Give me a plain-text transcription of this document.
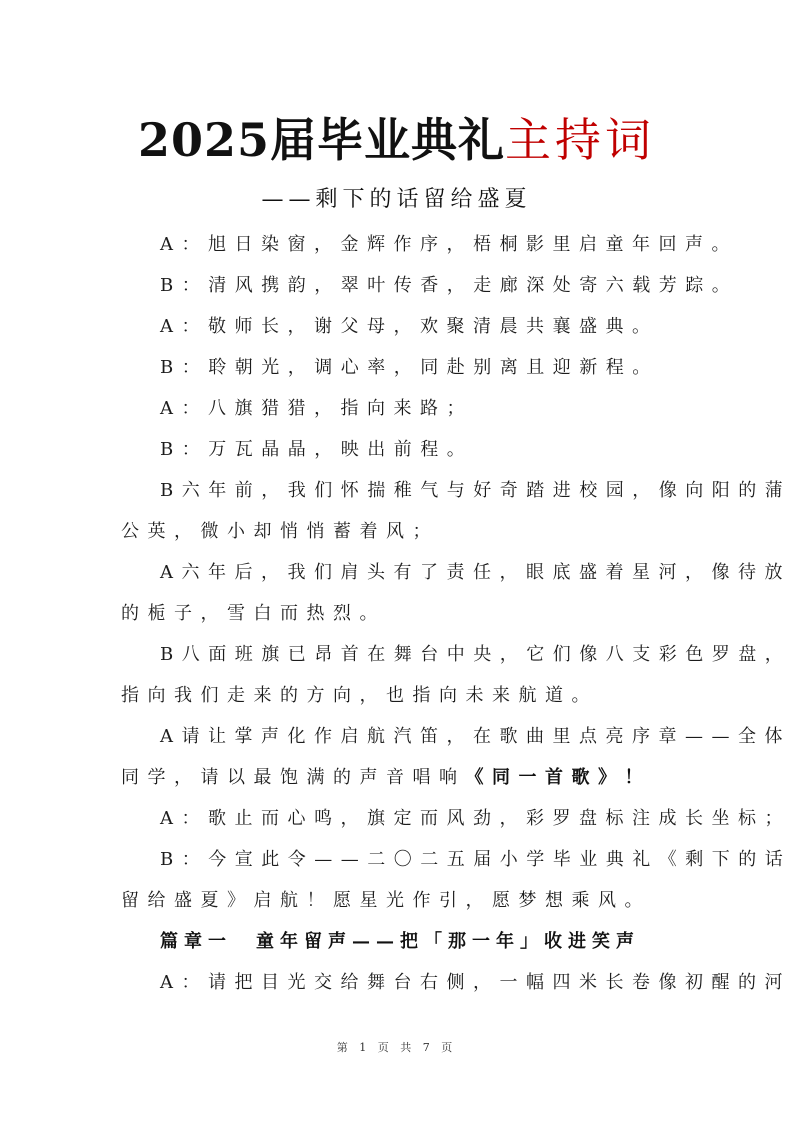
2025届毕业典礼主持词
——剩下的话留给盛夏
A：旭日染窗，金辉作序，梧桐影里启童年回声。
B：清风携韵，翠叶传香，走廊深处寄六载芳踪。
A：敬师长，谢父母，欢聚清晨共襄盛典。
B：聆朝光，调心率，同赴别离且迎新程。
A：八旗猎猎，指向来路；
B：万瓦晶晶，映出前程。
B六年前，我们怀揣稚气与好奇踏进校园，像向阳的蒲
公英，微小却悄悄蓄着风；
A六年后，我们肩头有了责任，眼底盛着星河，像待放
的栀子，雪白而热烈。
B八面班旗已昂首在舞台中央，它们像八支彩色罗盘，
指向我们走来的方向，也指向未来航道。
A请让掌声化作启航汽笛，在歌曲里点亮序章——全体
同学，请以最饱满的声音唱响《同一首歌》！
A：歌止而心鸣，旗定而风劲，彩罗盘标注成长坐标；
B：今宣此令——二〇二五届小学毕业典礼《剩下的话
留给盛夏》启航！愿星光作引，愿梦想乘风。
篇章一　童年留声——把「那一年」收进笑声
A：请把目光交给舞台右侧，一幅四米长卷像初醒的河
第 1 页 共 7 页
